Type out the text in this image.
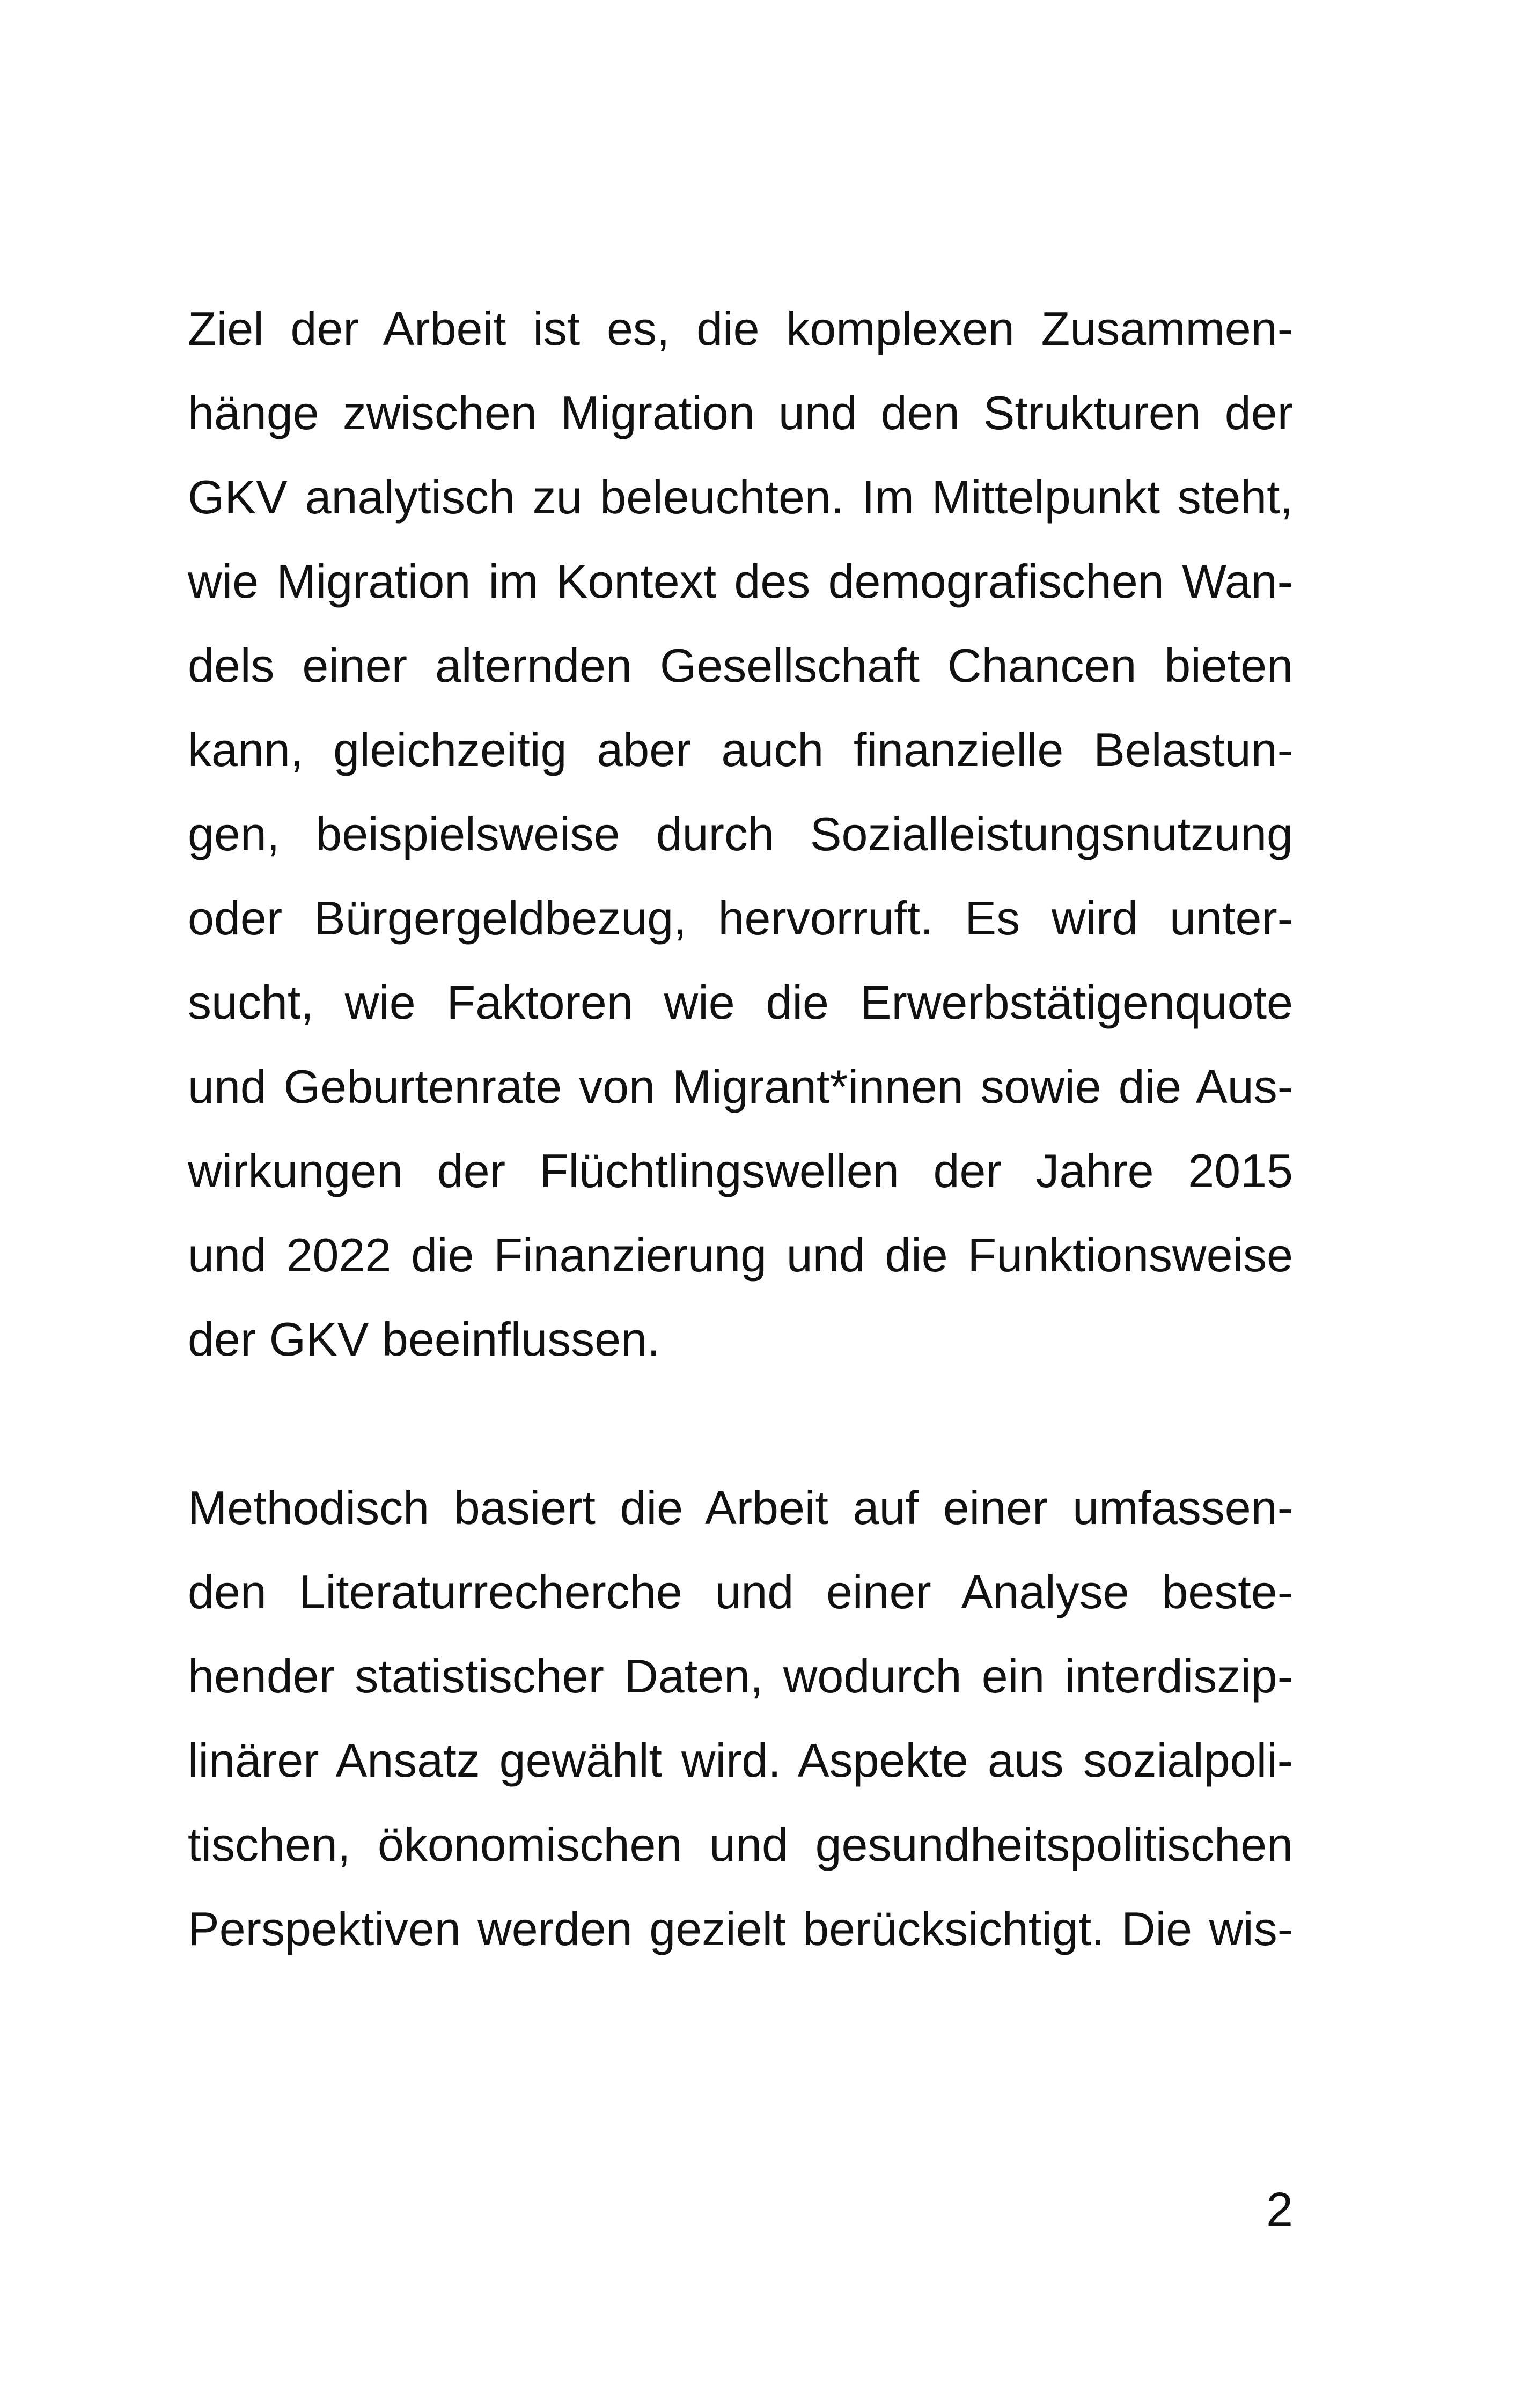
Ziel der Arbeit ist es, die komplexen Zusammen-
hänge zwischen Migration und den Strukturen der
GKV analytisch zu beleuchten. Im Mittelpunkt steht,
wie Migration im Kontext des demografischen Wan-
dels einer alternden Gesellschaft Chancen bieten
kann, gleichzeitig aber auch finanzielle Belastun-
gen, beispielsweise durch Sozialleistungsnutzung
oder Bürgergeldbezug, hervorruft. Es wird unter-
sucht, wie Faktoren wie die Erwerbstätigenquote
und Geburtenrate von Migrant*innen sowie die Aus-
wirkungen der Flüchtlingswellen der Jahre 2015
und 2022 die Finanzierung und die Funktionsweise
der GKV beeinflussen.

Methodisch basiert die Arbeit auf einer umfassen-
den Literaturrecherche und einer Analyse beste-
hender statistischer Daten, wodurch ein interdiszip-
linärer Ansatz gewählt wird. Aspekte aus sozialpoli-
tischen, ökonomischen und gesundheitspolitischen
Perspektiven werden gezielt berücksichtigt. Die wis-

2
